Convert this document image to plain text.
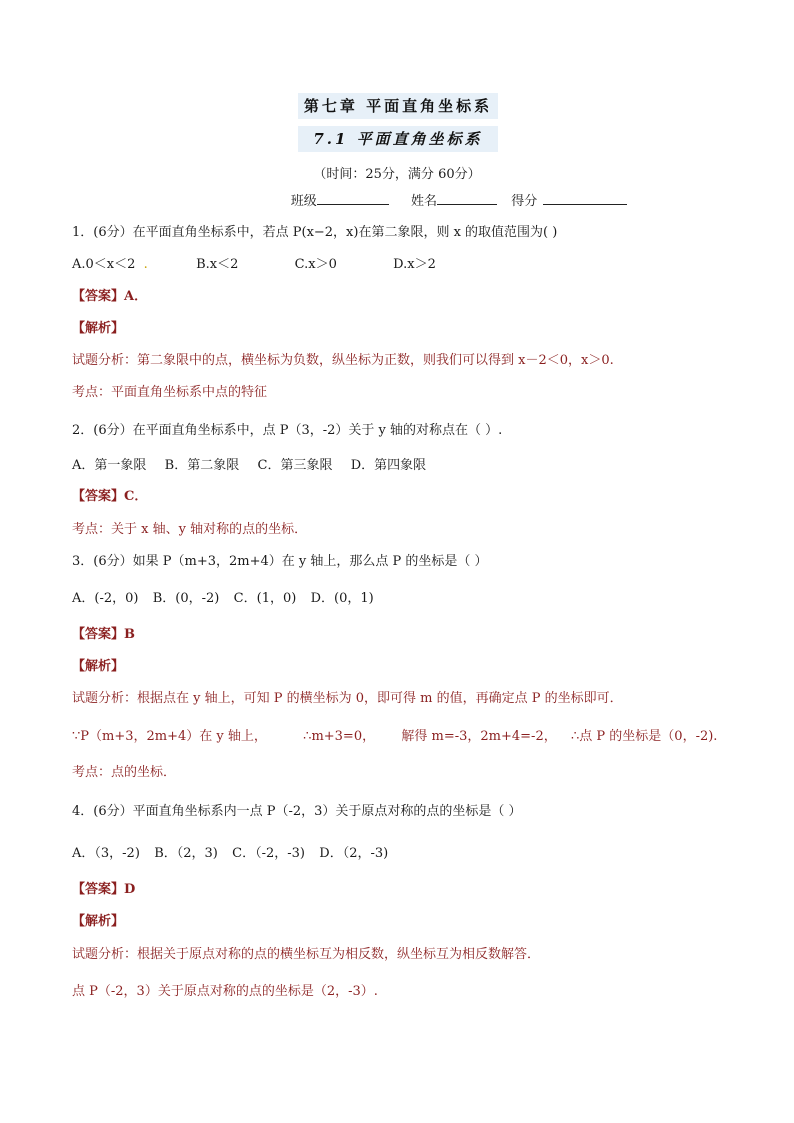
第七章 平面直角坐标系
7.1 平面直角坐标系
（时间：25分，满分 60分）
班级	姓名	得分
1．(6分）在平面直角坐标系中，若点 P(x−2，x)在第二象限，则 x 的取值范围为( )
A.0＜x＜2  .	B.x＜2	C.x＞0	D.x＞2
【答案】A．
【解析】
试题分析：第二象限中的点，横坐标为负数，纵坐标为正数，则我们可以得到 x－2＜0，x＞0.
考点：平面直角坐标系中点的特征
2．(6分）在平面直角坐标系中，点 P（3，-2）关于 y 轴的对称点在（ ）.
A．第一象限 B．第二象限 C．第三象限 D．第四象限
【答案】C．
考点：关于 x 轴、y 轴对称的点的坐标．
3．(6分）如果 P（m+3，2m+4）在 y 轴上，那么点 P 的坐标是（ ）
A．(-2，0) B．(0，-2) C．(1，0) D．(0，1)
【答案】B
【解析】
试题分析：根据点在 y 轴上，可知 P 的横坐标为 0，即可得 m 的值，再确定点 P 的坐标即可．
∵P（m+3，2m+4）在 y 轴上，	∴m+3=0， 解得 m=-3，2m+4=-2， ∴点 P 的坐标是（0，-2).
考点：点的坐标．
4．(6分）平面直角坐标系内一点 P（-2，3）关于原点对称的点的坐标是（ ）
A．（3，-2) B．（2，3) C．（-2，-3) D．（2，-3)
【答案】D
【解析】
试题分析：根据关于原点对称的点的横坐标互为相反数，纵坐标互为相反数解答．
点 P（-2，3）关于原点对称的点的坐标是（2，-3）.
